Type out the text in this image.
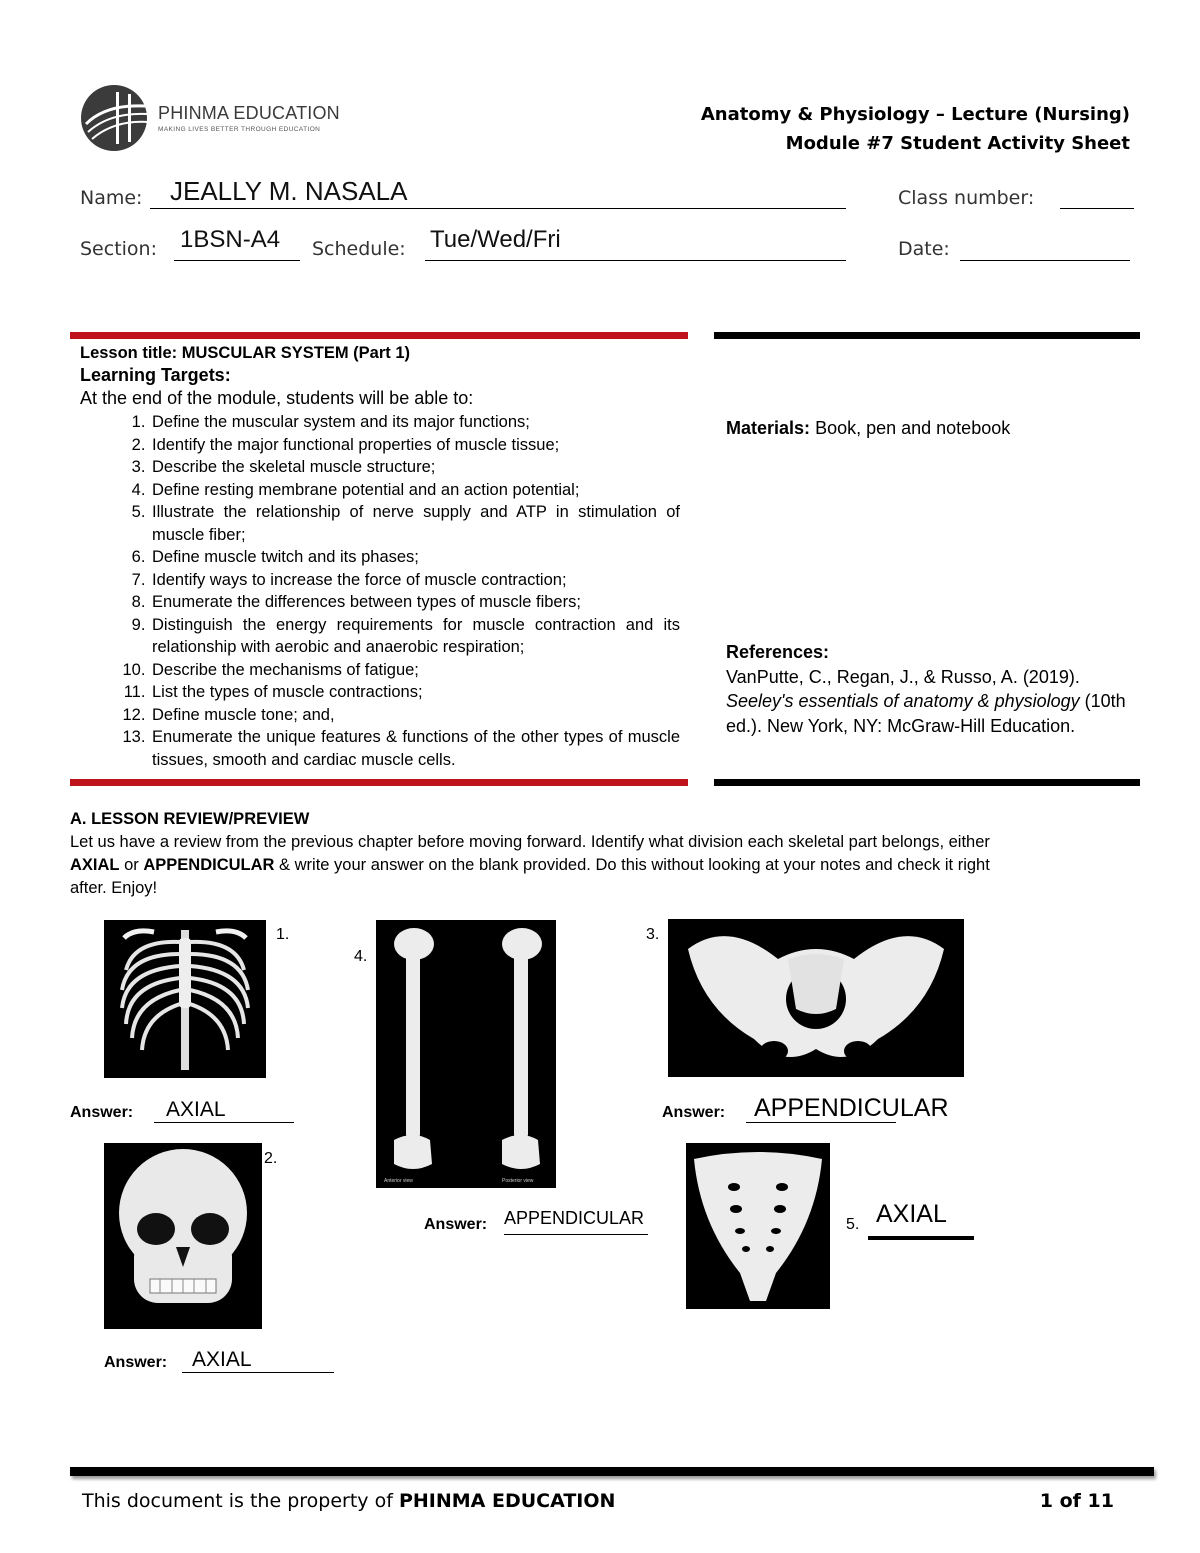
PHINMA EDUCATION
MAKING LIVES BETTER THROUGH EDUCATION
Anatomy & Physiology – Lecture (Nursing)
Module #7 Student Activity Sheet
Name: JEALLY M. NASALA	Class number:
Section: 1BSN-A4 Schedule: Tue/Wed/Fri	Date:
Lesson title: MUSCULAR SYSTEM (Part 1)
Learning Targets:
At the end of the module, students will be able to:
1. Define the muscular system and its major functions;
2. Identify the major functional properties of muscle tissue;
3. Describe the skeletal muscle structure;
4. Define resting membrane potential and an action potential;
5. Illustrate the relationship of nerve supply and ATP in stimulation of muscle fiber;
6. Define muscle twitch and its phases;
7. Identify ways to increase the force of muscle contraction;
8. Enumerate the differences between types of muscle fibers;
9. Distinguish the energy requirements for muscle contraction and its relationship with aerobic and anaerobic respiration;
10. Describe the mechanisms of fatigue;
11. List the types of muscle contractions;
12. Define muscle tone; and,
13. Enumerate the unique features & functions of the other types of muscle tissues, smooth and cardiac muscle cells.
Materials: Book, pen and notebook
References:
VanPutte, C., Regan, J., & Russo, A. (2019). Seeley's essentials of anatomy & physiology (10th ed.). New York, NY: McGraw-Hill Education.
A. LESSON REVIEW/PREVIEW
Let us have a review from the previous chapter before moving forward. Identify what division each skeletal part belongs, either AXIAL or APPENDICULAR & write your answer on the blank provided. Do this without looking at your notes and check it right after. Enjoy!
1.
Answer: AXIAL
2.
Answer: AXIAL
Anterior view	Posterior view
4.
Answer: APPENDICULAR
3.
Answer: APPENDICULAR
5. AXIAL
This document is the property of PHINMA EDUCATION	1 of 11
